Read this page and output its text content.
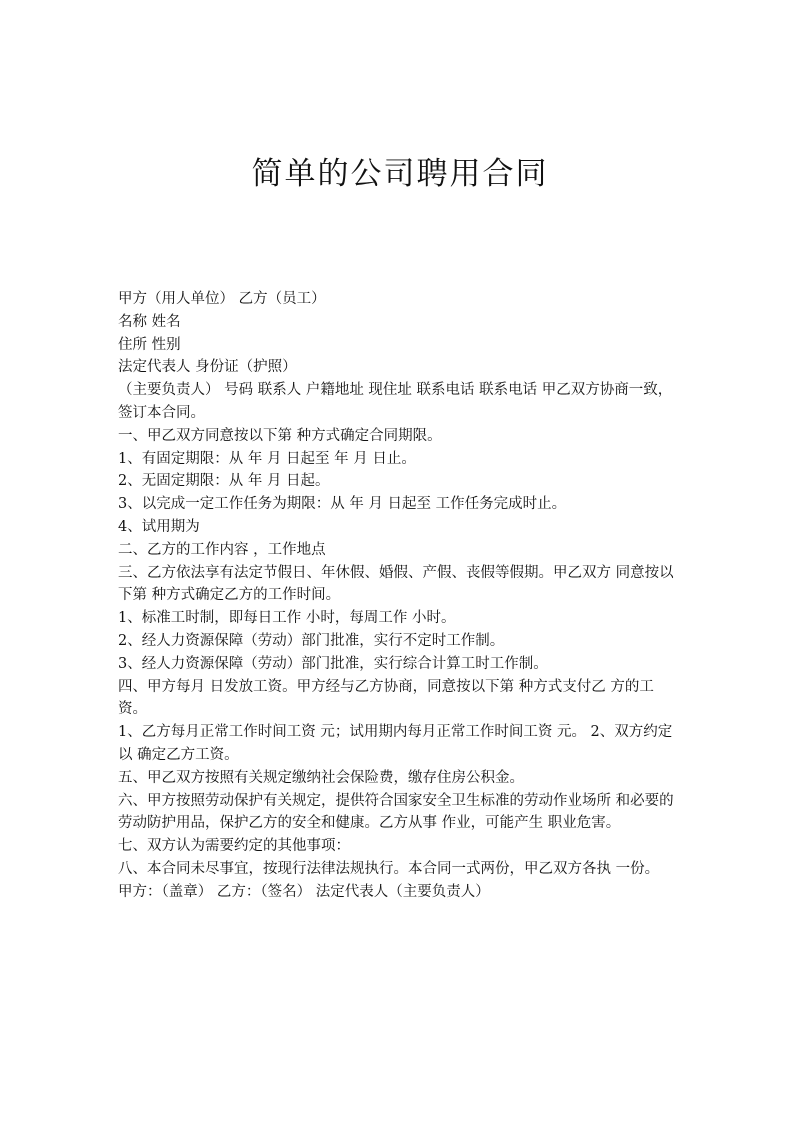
简单的公司聘用合同

甲方（用人单位） 乙方（员工）

名称 姓名

住所 性别

法定代表人 身份证（护照）

（主要负责人） 号码 联系人 户籍地址 现住址 联系电话 联系电话 甲乙双方协商一致，签订本合同。

一、甲乙双方同意按以下第 种方式确定合同期限。

1、有固定期限：从 年 月 日起至 年 月 日止。

2、无固定期限：从 年 月 日起。

3、以完成一定工作任务为期限：从 年 月 日起至 工作任务完成时止。

4、试用期为

二、乙方的工作内容 ，工作地点

三、乙方依法享有法定节假日、年休假、婚假、产假、丧假等假期。甲乙双方 同意按以下第 种方式确定乙方的工作时间。

1、标准工时制，即每日工作 小时，每周工作 小时。

2、经人力资源保障（劳动）部门批准，实行不定时工作制。

3、经人力资源保障（劳动）部门批准，实行综合计算工时工作制。

四、甲方每月 日发放工资。甲方经与乙方协商，同意按以下第 种方式支付乙 方的工资。

1、乙方每月正常工作时间工资 元；试用期内每月正常工作时间工资 元。 2、双方约定以 确定乙方工资。

五、甲乙双方按照有关规定缴纳社会保险费，缴存住房公积金。

六、甲方按照劳动保护有关规定，提供符合国家安全卫生标准的劳动作业场所 和必要的劳动防护用品，保护乙方的安全和健康。乙方从事 作业，可能产生 职业危害。

七、双方认为需要约定的其他事项：

八、本合同未尽事宜，按现行法律法规执行。本合同一式两份，甲乙双方各执 一份。

甲方：（盖章） 乙方：（签名） 法定代表人（主要负责人）
